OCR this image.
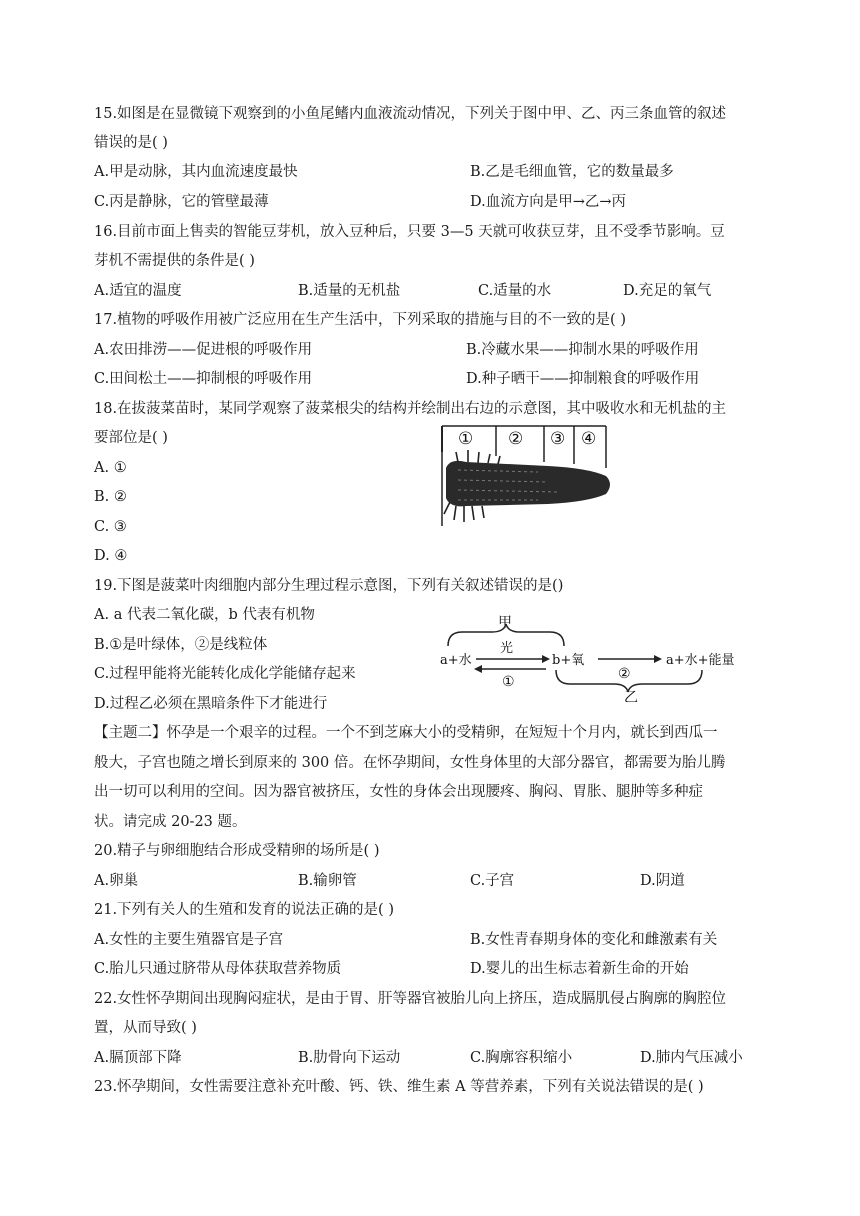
15.如图是在显微镜下观察到的小鱼尾鳍内血液流动情况，下列关于图中甲、乙、丙三条血管的叙述
错误的是( )
A.甲是动脉，其内血流速度最快	B.乙是毛细血管，它的数量最多
C.丙是静脉，它的管壁最薄	D.血流方向是甲→乙→丙
16.目前市面上售卖的智能豆芽机，放入豆种后，只要 3—5 天就可收获豆芽，且不受季节影响。豆
芽机不需提供的条件是( )
A.适宜的温度	B.适量的无机盐	C.适量的水	D.充足的氧气
17.植物的呼吸作用被广泛应用在生产生活中，下列采取的措施与目的不一致的是( )
A.农田排涝——促进根的呼吸作用	B.冷藏水果——抑制水果的呼吸作用
C.田间松土——抑制根的呼吸作用	D.种子晒干——抑制粮食的呼吸作用
18.在拔菠菜苗时，某同学观察了菠菜根尖的结构并绘制出右边的示意图，其中吸收水和无机盐的主
要部位是( )
A. ①
B. ②
C. ③
D. ④
① ② ③ ④
19.下图是菠菜叶肉细胞内部分生理过程示意图，下列有关叙述错误的是()
A. a 代表二氧化碳，b 代表有机物
B.①是叶绿体，②是线粒体
C.过程甲能将光能转化成化学能储存起来
D.过程乙必须在黑暗条件下才能进行
甲
a+水
光
①
b+氧
②
a+水+能量
乙
【主题二】怀孕是一个艰辛的过程。一个不到芝麻大小的受精卵，在短短十个月内，就长到西瓜一
般大，子宫也随之增长到原来的 300 倍。在怀孕期间，女性身体里的大部分器官，都需要为胎儿腾
出一切可以利用的空间。因为器官被挤压，女性的身体会出现腰疼、胸闷、胃胀、腿肿等多种症
状。请完成 20-23 题。
20.精子与卵细胞结合形成受精卵的场所是( )
A.卵巢	B.输卵管	C.子宫	D.阴道
21.下列有关人的生殖和发育的说法正确的是( )
A.女性的主要生殖器官是子宫	B.女性青春期身体的变化和雌激素有关
C.胎儿只通过脐带从母体获取营养物质	D.婴儿的出生标志着新生命的开始
22.女性怀孕期间出现胸闷症状，是由于胃、肝等器官被胎儿向上挤压，造成膈肌侵占胸廓的胸腔位
置，从而导致( )
A.膈顶部下降	B.肋骨向下运动	C.胸廓容积缩小	D.肺内气压减小
23.怀孕期间，女性需要注意补充叶酸、钙、铁、维生素 A 等营养素，下列有关说法错误的是( )
